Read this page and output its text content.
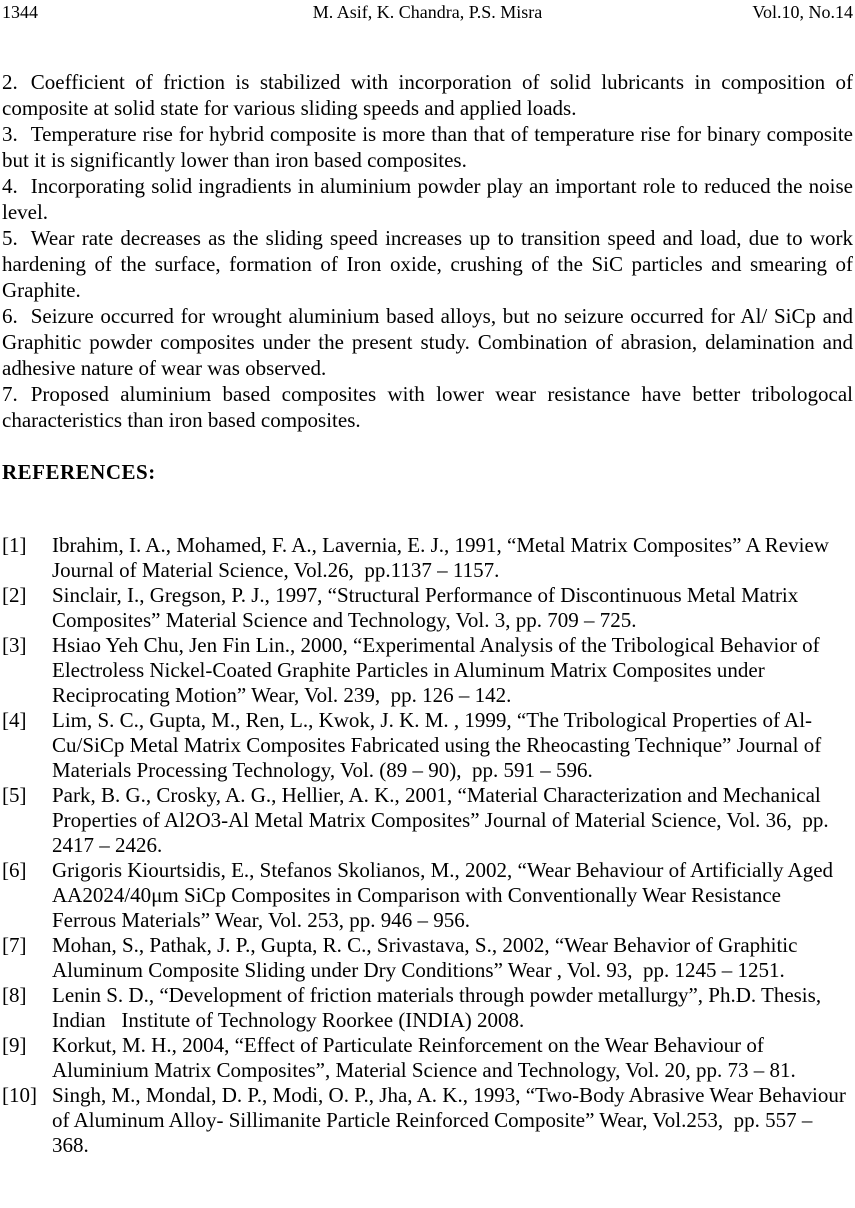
1344	M. Asif, K. Chandra, P.S. Misra	Vol.10, No.14

2. Coefficient of friction is stabilized with incorporation of solid lubricants in composition of composite at solid state for various sliding speeds and applied loads.

3. Temperature rise for hybrid composite is more than that of temperature rise for binary composite but it is significantly lower than iron based composites.

4. Incorporating solid ingradients in aluminium powder play an important role to reduced the noise level.

5. Wear rate decreases as the sliding speed increases up to transition speed and load, due to work hardening of the surface, formation of Iron oxide, crushing of the SiC particles and smearing of Graphite.

6. Seizure occurred for wrought aluminium based alloys, but no seizure occurred for Al/ SiCp and Graphitic powder composites under the present study. Combination of abrasion, delamination and adhesive nature of wear was observed.

7. Proposed aluminium based composites with lower wear resistance have better tribologocal characteristics than iron based composites.

REFERENCES:
[1]	Ibrahim, I. A., Mohamed, F. A., Lavernia, E. J., 1991, “Metal Matrix Composites” A Review Journal of Material Science, Vol.26,  pp.1137 – 1157.
[2]	Sinclair, I., Gregson, P. J., 1997, “Structural Performance of Discontinuous Metal Matrix Composites” Material Science and Technology, Vol. 3, pp. 709 – 725.
[3]	Hsiao Yeh Chu, Jen Fin Lin., 2000, “Experimental Analysis of the Tribological Behavior of Electroless Nickel-Coated Graphite Particles in Aluminum Matrix Composites under Reciprocating Motion” Wear, Vol. 239,  pp. 126 – 142.
[4]	Lim, S. C., Gupta, M., Ren, L., Kwok, J. K. M. , 1999, “The Tribological Properties of Al-Cu/SiCp Metal Matrix Composites Fabricated using the Rheocasting Technique” Journal of Materials Processing Technology, Vol. (89 – 90),  pp. 591 – 596.
[5]	Park, B. G., Crosky, A. G., Hellier, A. K., 2001, “Material Characterization and Mechanical Properties of Al2O3-Al Metal Matrix Composites” Journal of Material Science, Vol. 36,  pp. 2417 – 2426.
[6]	Grigoris Kiourtsidis, E., Stefanos Skolianos, M., 2002, “Wear Behaviour of Artificially Aged AA2024/40μm SiCp Composites in Comparison with Conventionally Wear Resistance Ferrous Materials” Wear, Vol. 253, pp. 946 – 956.
[7]	Mohan, S., Pathak, J. P., Gupta, R. C., Srivastava, S., 2002, “Wear Behavior of Graphitic Aluminum Composite Sliding under Dry Conditions” Wear , Vol. 93,  pp. 1245 – 1251.
[8]	Lenin S. D., “Development of friction materials through powder metallurgy”, Ph.D. Thesis, Indian   Institute of Technology Roorkee (INDIA) 2008.
[9]	Korkut, M. H., 2004, “Effect of Particulate Reinforcement on the Wear Behaviour of Aluminium Matrix Composites”, Material Science and Technology, Vol. 20, pp. 73 – 81.
[10] Singh, M., Mondal, D. P., Modi, O. P., Jha, A. K., 1993, “Two-Body Abrasive Wear Behaviour of Aluminum Alloy- Sillimanite Particle Reinforced Composite” Wear, Vol.253,  pp. 557 – 368.
